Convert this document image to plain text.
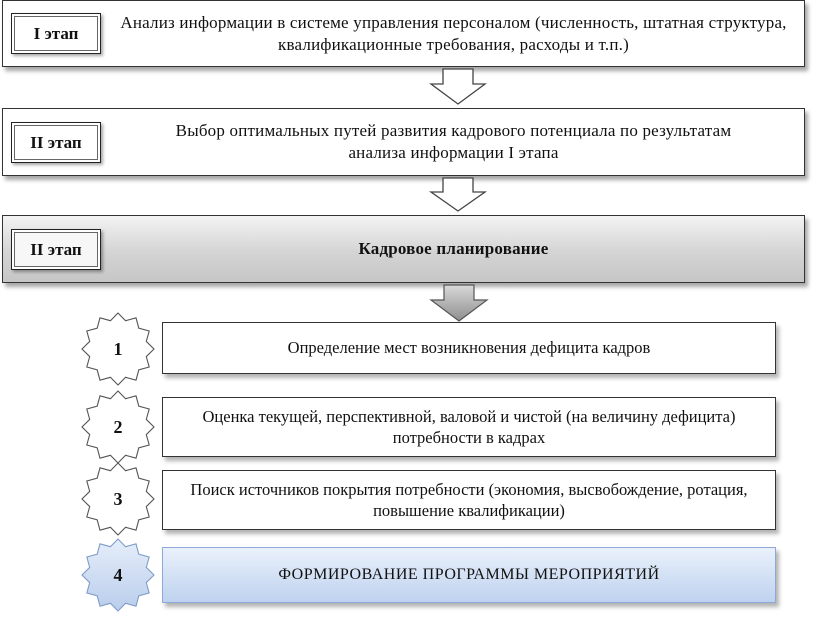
I этап
Анализ информации в системе управления персоналом (численность, штатная структура, квалификационные требования, расходы и т.п.)
II этап
Выбор оптимальных путей развития кадрового потенциала по результатам анализа информации I этапа
II этап	Кадровое планирование
1	Определение мест возникновения дефицита кадров
2
Оценка текущей, перспективной, валовой и чистой (на величину дефицита) потребности в кадрах
3	Поиск источников покрытия потребности (экономия, высвобождение, ротация, повышение квалификации)
4	ФОРМИРОВАНИЕ ПРОГРАММЫ МЕРОПРИЯТИЙ
